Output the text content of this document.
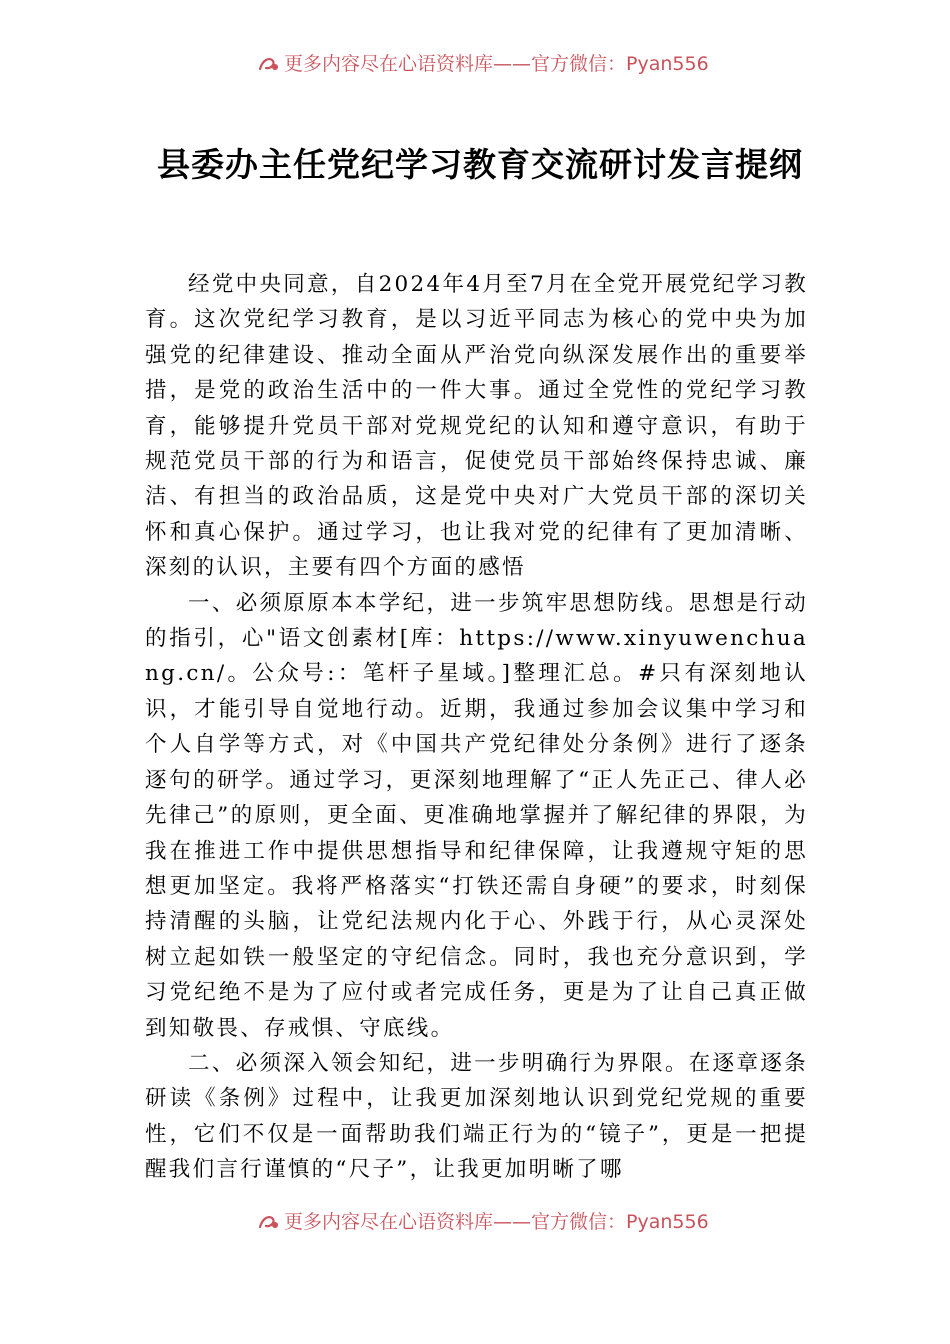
更多内容尽在心语资料库——官方微信：Pyan556
县委办主任党纪学习教育交流研讨发言提纲

经党中央同意，自2024年4月至7月在全党开展党纪学习教育。这次党纪学习教育，是以习近平同志为核心的党中央为加强党的纪律建设、推动全面从严治党向纵深发展作出的重要举措，是党的政治生活中的一件大事。通过全党性的党纪学习教育，能够提升党员干部对党规党纪的认知和遵守意识，有助于规范党员干部的行为和语言，促使党员干部始终保持忠诚、廉洁、有担当的政治品质，这是党中央对广大党员干部的深切关怀和真心保护。通过学习，也让我对党的纪律有了更加清晰、深刻的认识，主要有四个方面的感悟

一、必须原原本本学纪，进一步筑牢思想防线。思想是行动的指引，心"语文创素材[库：https://www.xinyuwenchuang.cn/。公众号:：笔杆子星域。]整理汇总。#只有深刻地认识，才能引导自觉地行动。近期，我通过参加会议集中学习和个人自学等方式，对《中国共产党纪律处分条例》进行了逐条逐句的研学。通过学习，更深刻地理解了“正人先正己、律人必先律己”的原则，更全面、更准确地掌握并了解纪律的界限，为我在推进工作中提供思想指导和纪律保障，让我遵规守矩的思想更加坚定。我将严格落实“打铁还需自身硬”的要求，时刻保持清醒的头脑，让党纪法规内化于心、外践于行，从心灵深处树立起如铁一般坚定的守纪信念。同时，我也充分意识到，学习党纪绝不是为了应付或者完成任务，更是为了让自己真正做到知敬畏、存戒惧、守底线。

二、必须深入领会知纪，进一步明确行为界限。在逐章逐条研读《条例》过程中，让我更加深刻地认识到党纪党规的重要性，它们不仅是一面帮助我们端正行为的“镜子”，更是一把提醒我们言行谨慎的“尺子”，让我更加明晰了哪

更多内容尽在心语资料库——官方微信：Pyan556
